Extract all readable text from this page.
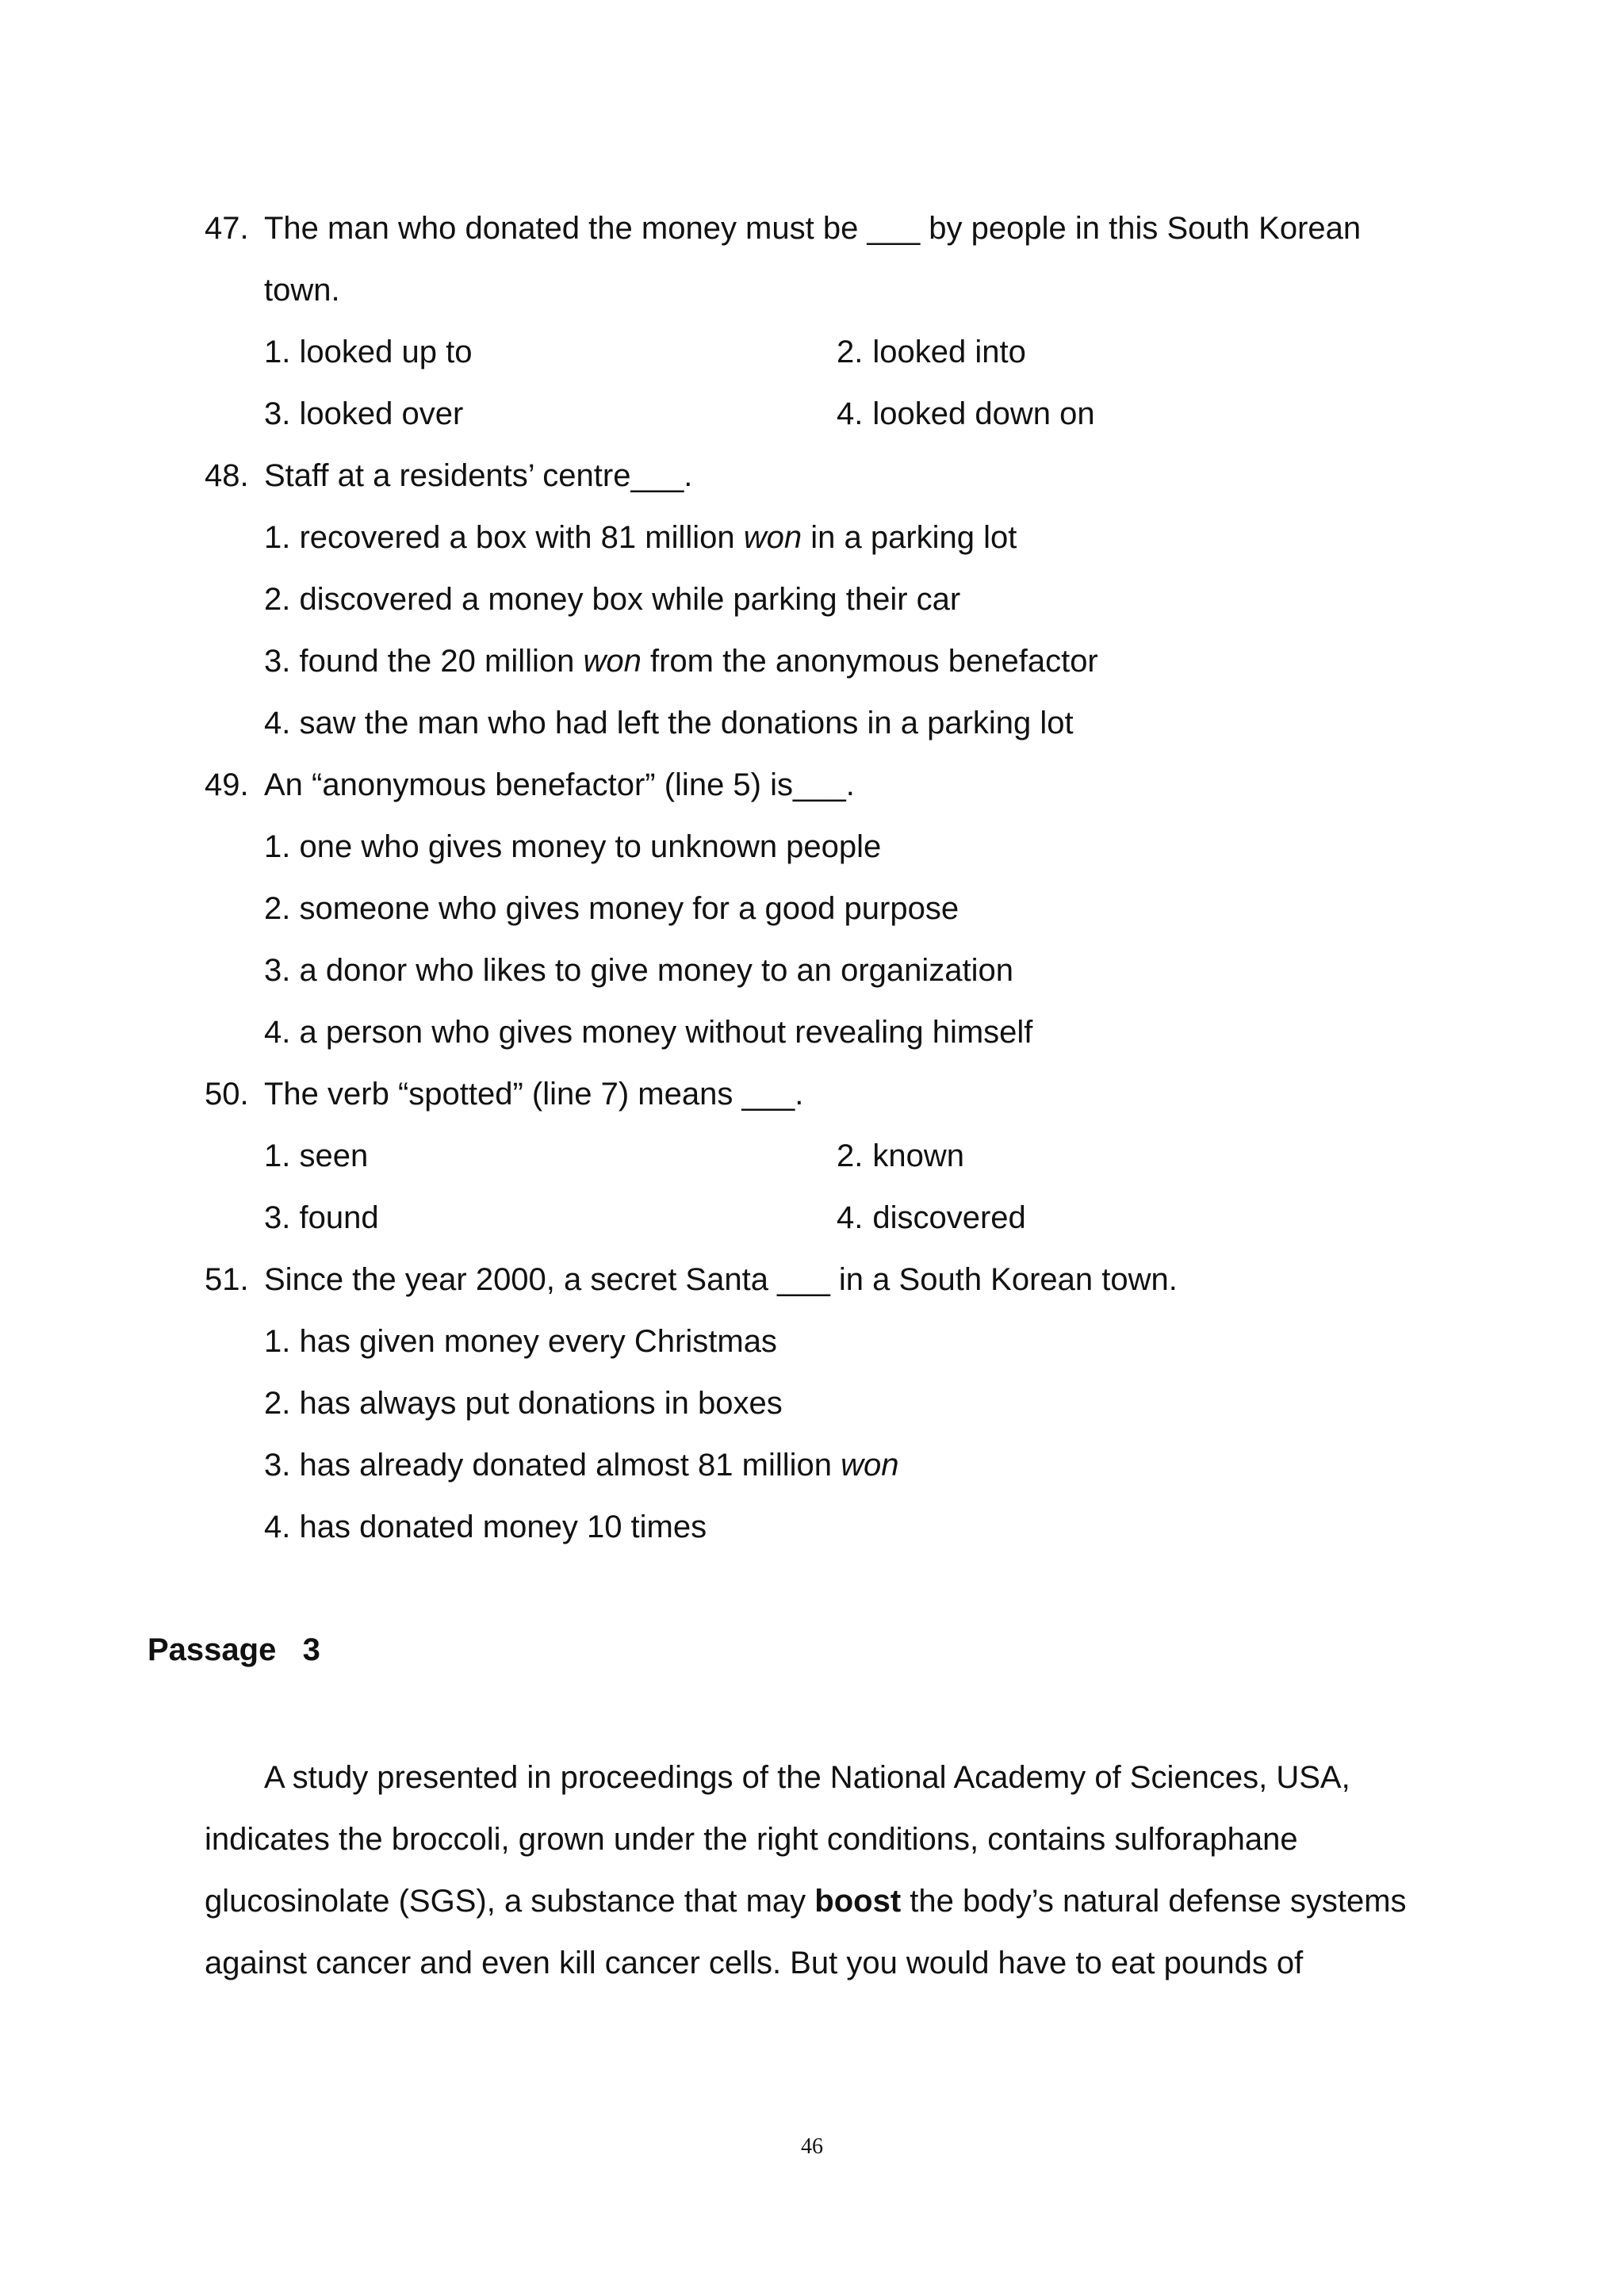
47. The man who donated the money must be ___ by people in this South Korean
town.
1. looked up to	2. looked into
3. looked over	4. looked down on
48. Staff at a residents’ centre___.
1. recovered a box with 81 million won in a parking lot
2. discovered a money box while parking their car
3. found the 20 million won from the anonymous benefactor
4. saw the man who had left the donations in a parking lot
49. An “anonymous benefactor” (line 5) is___.
1. one who gives money to unknown people
2. someone who gives money for a good purpose
3. a donor who likes to give money to an organization
4. a person who gives money without revealing himself
50. The verb “spotted” (line 7) means ___.
1. seen	2. known
3. found	4. discovered
51. Since the year 2000, a secret Santa ___ in a South Korean town.
1. has given money every Christmas
2. has always put donations in boxes
3. has already donated almost 81 million won
4. has donated money 10 times
Passage   3
A study presented in proceedings of the National Academy of Sciences, USA,
indicates the broccoli, grown under the right conditions, contains sulforaphane
glucosinolate (SGS), a substance that may boost the body’s natural defense systems
against cancer and even kill cancer cells. But you would have to eat pounds of
46
